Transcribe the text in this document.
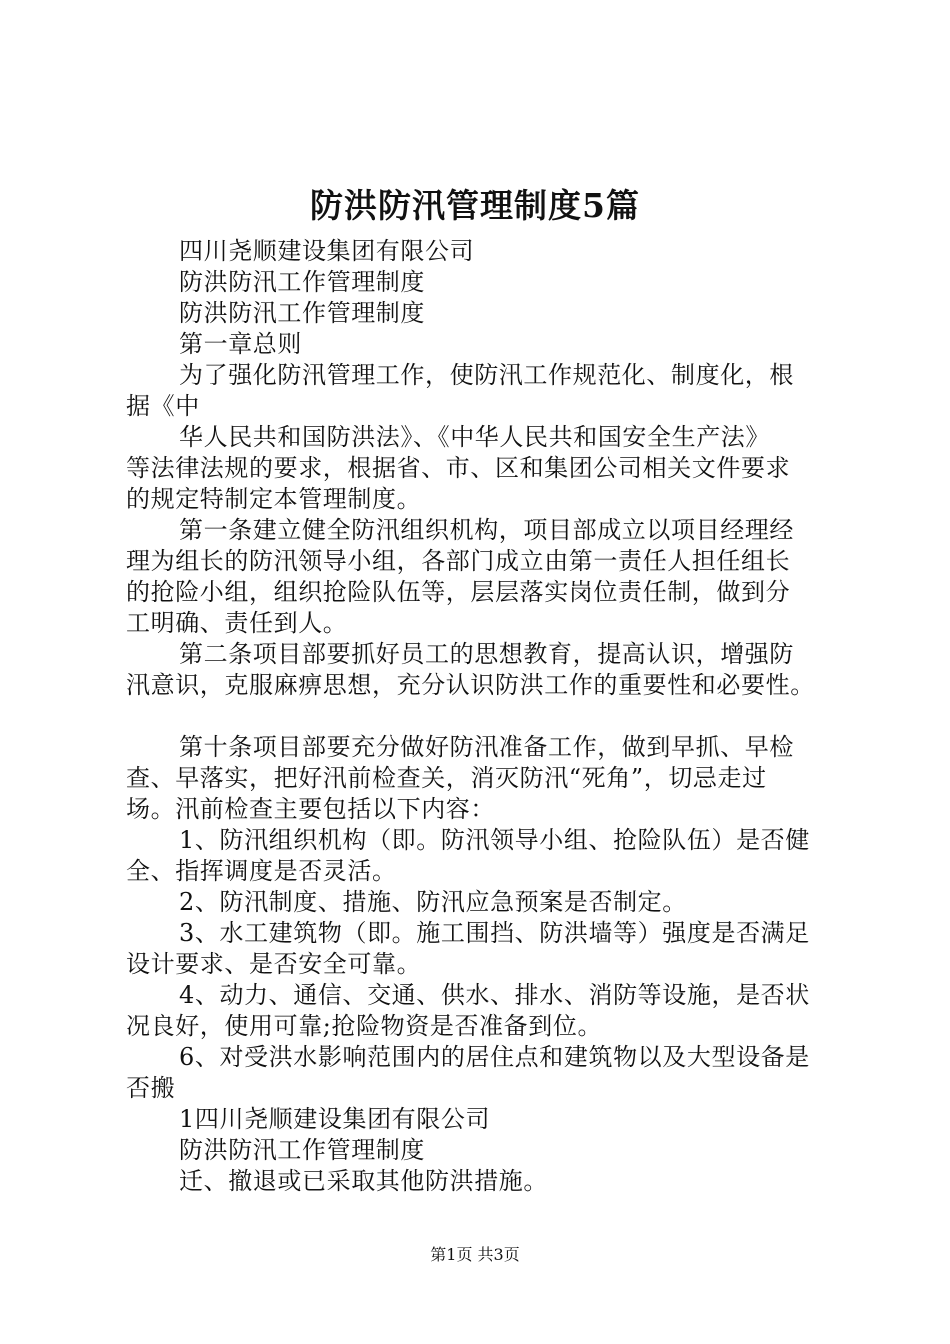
防洪防汛管理制度5篇
四川尧顺建设集团有限公司
防洪防汛工作管理制度
防洪防汛工作管理制度
第一章总则
为了强化防汛管理工作，使防汛工作规范化、制度化，根
据《中
华人民共和国防洪法》、《中华人民共和国安全生产法》
等法律法规的要求，根据省、市、区和集团公司相关文件要求
的规定特制定本管理制度。
第一条建立健全防汛组织机构，项目部成立以项目经理经
理为组长的防汛领导小组，各部门成立由第一责任人担任组长
的抢险小组，组织抢险队伍等，层层落实岗位责任制，做到分
工明确、责任到人。
第二条项目部要抓好员工的思想教育，提高认识，增强防
汛意识，克服麻痹思想，充分认识防洪工作的重要性和必要性。
第十条项目部要充分做好防汛准备工作，做到早抓、早检
查、早落实，把好汛前检查关，消灭防汛“死角”，切忌走过
场。汛前检查主要包括以下内容：
1、防汛组织机构（即。防汛领导小组、抢险队伍）是否健
全、指挥调度是否灵活。
2、防汛制度、措施、防汛应急预案是否制定。
3、水工建筑物（即。施工围挡、防洪墙等）强度是否满足
设计要求、是否安全可靠。
4、动力、通信、交通、供水、排水、消防等设施，是否状
况良好，使用可靠;抢险物资是否准备到位。
6、对受洪水影响范围内的居住点和建筑物以及大型设备是
否搬
1四川尧顺建设集团有限公司
防洪防汛工作管理制度
迁、撤退或已采取其他防洪措施。
第1页 共3页
